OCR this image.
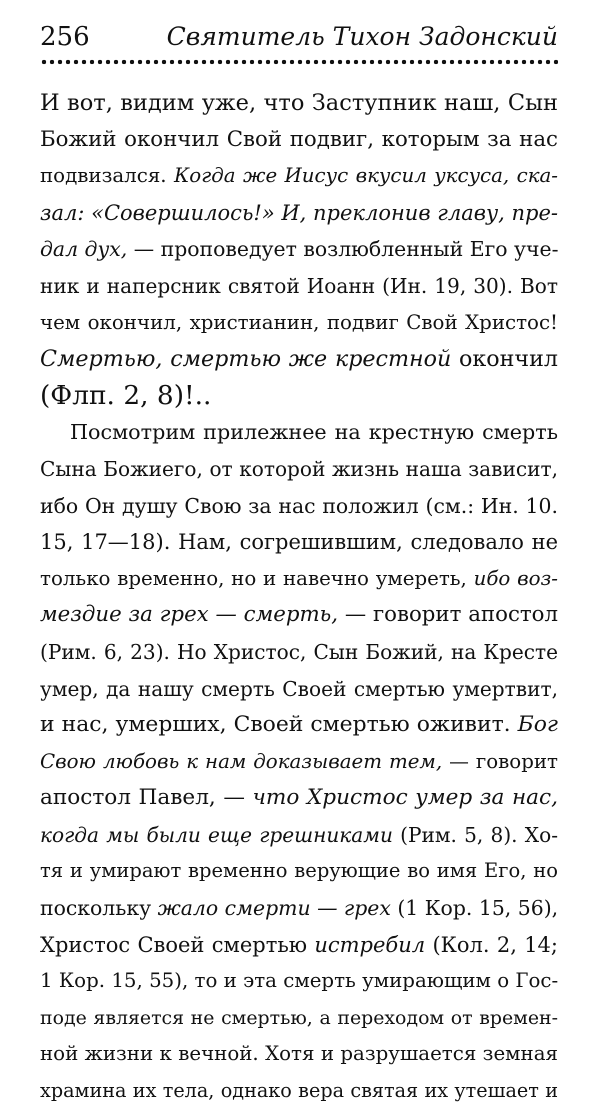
256	Святитель Тихон Задонский
И вот, видим уже, что Заступник наш, Сын
Божий окончил Свой подвиг, которым за нас
подвизался. Когда же Иисус вкусил уксуса, ска-
зал: «Совершилось!» И, преклонив главу, пре-
дал дух, — проповедует возлюбленный Его уче-
ник и наперсник святой Иоанн (Ин. 19, 30). Вот
чем окончил, христианин, подвиг Свой Христос!
Смертью, смертью же крестной окончил
(Флп. 2, 8)!..
Посмотрим прилежнее на крестную смерть
Сына Божиего, от которой жизнь наша зависит,
ибо Он душу Свою за нас положил (см.: Ин. 10.
15, 17—18). Нам, согрешившим, следовало не
только временно, но и навечно умереть, ибо воз-
мездие за грех — смерть, — говорит апостол
(Рим. 6, 23). Но Христос, Сын Божий, на Кресте
умер, да нашу смерть Своей смертью умертвит,
и нас, умерших, Своей смертью оживит. Бог
Свою любовь к нам доказывает тем, — говорит
апостол Павел, — что Христос умер за нас,
когда мы были еще грешниками (Рим. 5, 8). Хо-
тя и умирают временно верующие во имя Его, но
поскольку жало смерти — грех (1 Кор. 15, 56),
Христос Своей смертью истребил (Кол. 2, 14;
1 Кор. 15, 55), то и эта смерть умирающим о Гос-
поде является не смертью, а переходом от времен-
ной жизни к вечной. Хотя и разрушается земная
храмина их тела, однако вера святая их утешает и
